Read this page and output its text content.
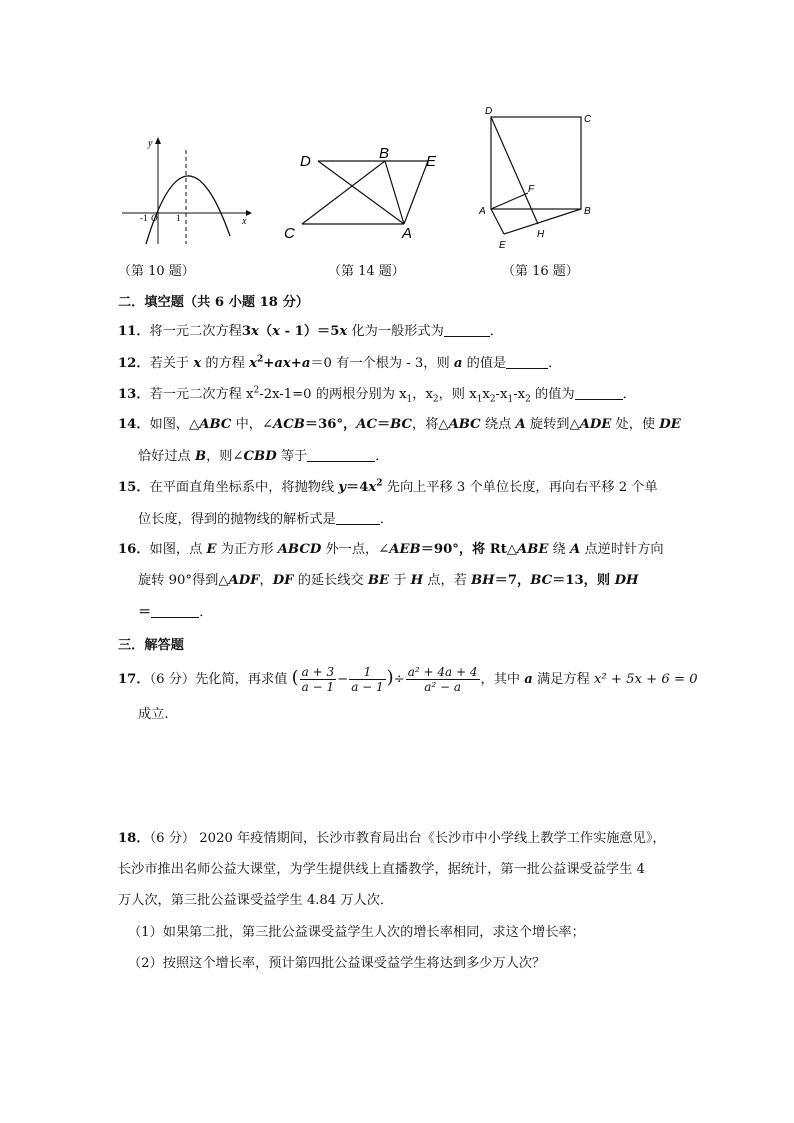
y
x
-1 O 1
D	B E
C	A
D
C
F
A	B
H
E
（第 10 题）	（第 14 题）	（第 16 题）
二．填空题（共 6 小题 18 分）
11．将一元二次方程3x（x - 1）＝5x 化为一般形式为	．
12．若关于 x 的方程 $x^2+ax+a=0$ 有一个根为 - 3，则 a 的值是	．
13．若一元二次方程 $x^2-2x-1=0$ 的两根分别为 $x_1$，$x_2$，则 $x_1x_2-x_1-x_2$ 的值为	．
14．如图，△ABC 中，∠ACB＝36°，AC＝BC，将△ABC 绕点 A 旋转到△ADE 处，使 DE
恰好过点 B，则∠CBD 等于	．
15．在平面直角坐标系中，将抛物线 $y=4x^2$ 先向上平移 3 个单位长度，再向右平移 2 个单
位长度，得到的抛物线的解析式是	．
16．如图，点 E 为正方形 ABCD 外一点，∠AEB＝90°，将 Rt△ABE 绕 A 点逆时针方向
旋转 90°得到△ADF，DF 的延长线交 BE 于 H 点，若 BH＝7，BC＝13，则 DH
＝	．
三．解答题
17．（6 分）先化简，再求值 ( $\frac{a + 3}{a - 1} - \frac{1}{a - 1}$ )÷ $\frac{\text{a² + 4a + 4}}{\text{a² − a}}$ ，其中 a 满足方程 x² + 5x + 6 = 0
成立.
18．（6 分） 2020 年疫情期间，长沙市教育局出台《长沙市中小学线上教学工作实施意见》，
长沙市推出名师公益大课堂，为学生提供线上直播教学，据统计，第一批公益课受益学生 4
万人次，第三批公益课受益学生 4.84 万人次．
（1）如果第二批，第三批公益课受益学生人次的增长率相同，求这个增长率；
（2）按照这个增长率，预计第四批公益课受益学生将达到多少万人次？
